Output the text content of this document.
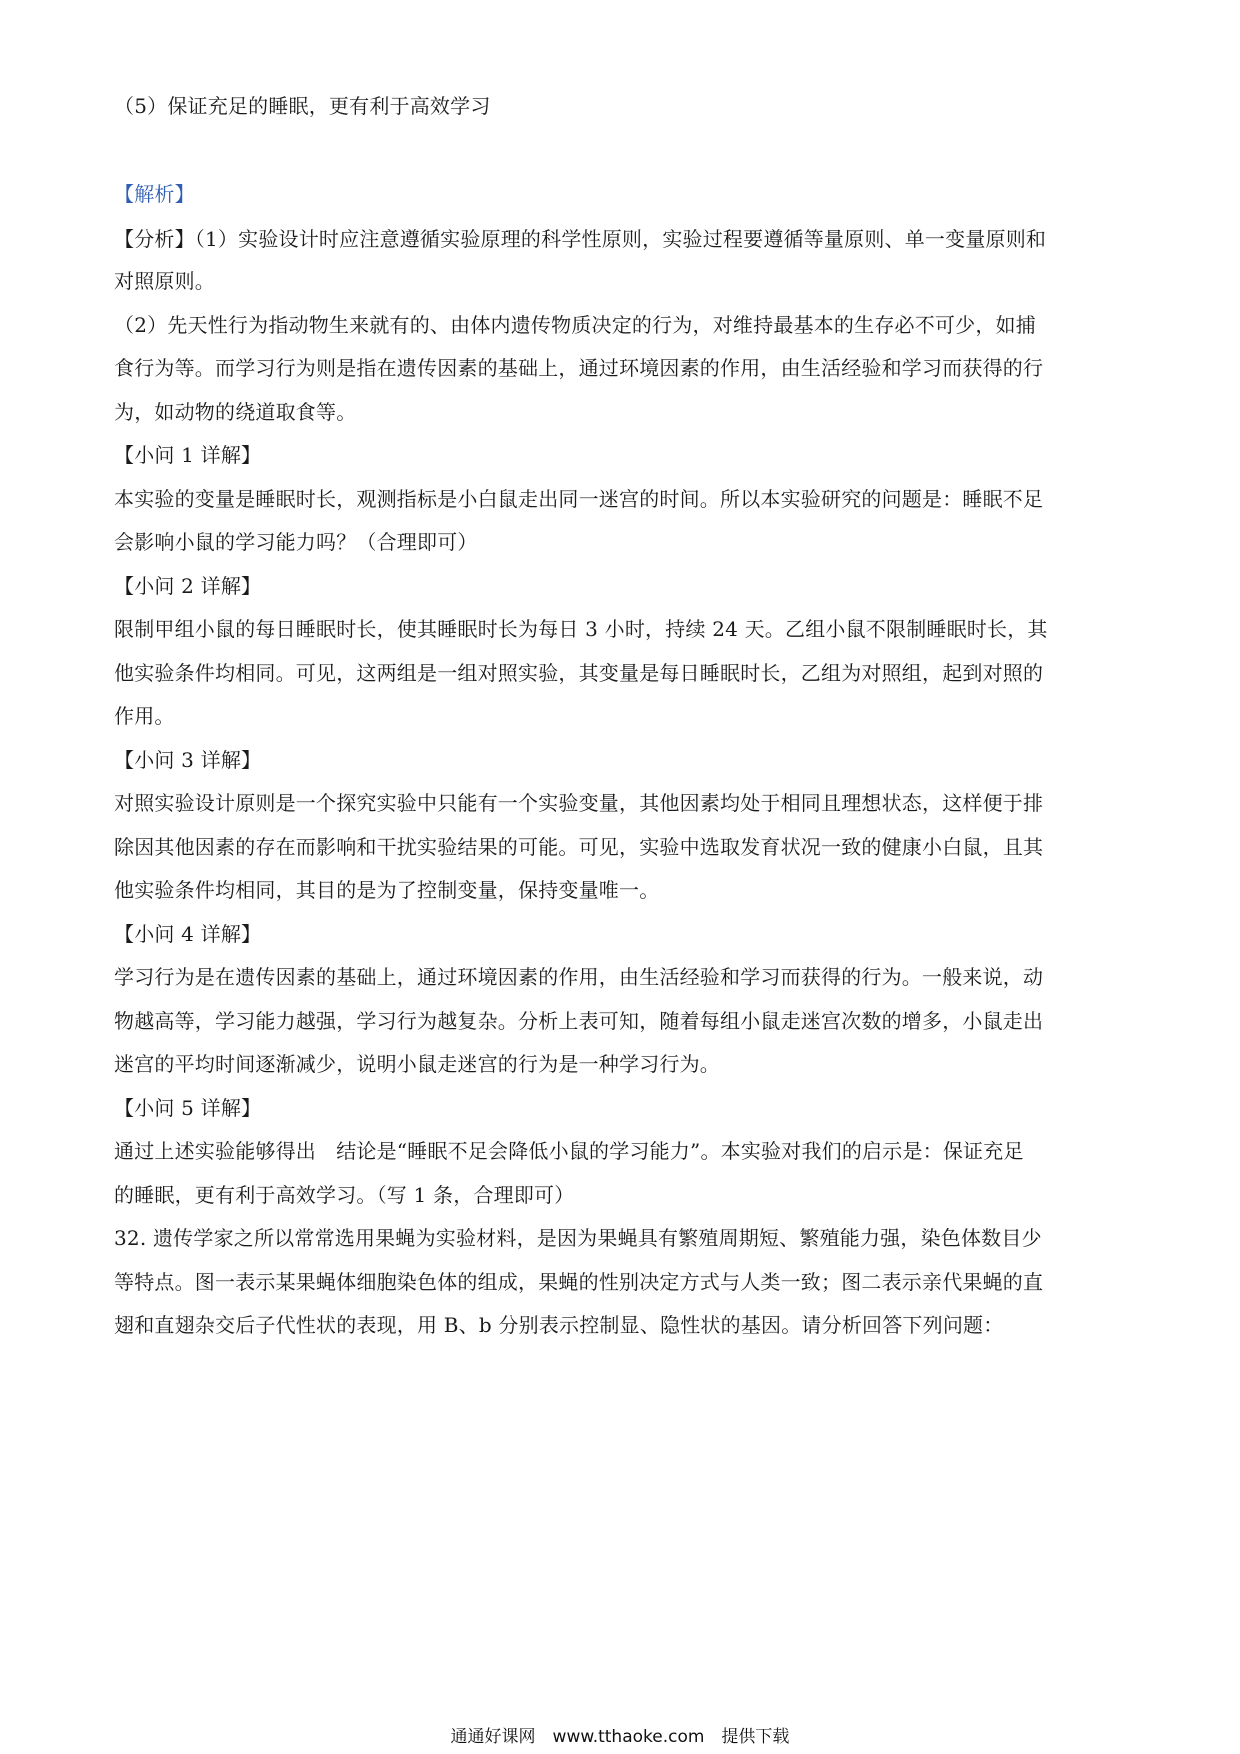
（5）保证充足的睡眠，更有利于高效学习
【解析】
【分析】（1）实验设计时应注意遵循实验原理的科学性原则，实验过程要遵循等量原则、单一变量原则和
对照原则。
（2）先天性行为指动物生来就有的、由体内遗传物质决定的行为，对维持最基本的生存必不可少，如捕
食行为等。而学习行为则是指在遗传因素的基础上，通过环境因素的作用，由生活经验和学习而获得的行
为，如动物的绕道取食等。
【小问 1 详解】
本实验的变量是睡眠时长，观测指标是小白鼠走出同一迷宫的时间。所以本实验研究的问题是：睡眠不足
会影响小鼠的学习能力吗？（合理即可）
【小问 2 详解】
限制甲组小鼠的每日睡眠时长，使其睡眠时长为每日 3 小时，持续 24 天。乙组小鼠不限制睡眠时长，其
他实验条件均相同。可见，这两组是一组对照实验，其变量是每日睡眠时长，乙组为对照组，起到对照的
作用。
【小问 3 详解】
对照实验设计原则是一个探究实验中只能有一个实验变量，其他因素均处于相同且理想状态，这样便于排
除因其他因素的存在而影响和干扰实验结果的可能。可见，实验中选取发育状况一致的健康小白鼠，且其
他实验条件均相同，其目的是为了控制变量，保持变量唯一。
【小问 4 详解】
学习行为是在遗传因素的基础上，通过环境因素的作用，由生活经验和学习而获得的行为。一般来说，动
物越高等，学习能力越强，学习行为越复杂。分析上表可知，随着每组小鼠走迷宫次数的增多，小鼠走出
迷宫的平均时间逐渐减少，说明小鼠走迷宫的行为是一种学习行为。
【小问 5 详解】
通过上述实验能够得出　结论是“睡眠不足会降低小鼠的学习能力”。本实验对我们的启示是：保证充足
的睡眠，更有利于高效学习。（写 1 条，合理即可）
32. 遗传学家之所以常常选用果蝇为实验材料，是因为果蝇具有繁殖周期短、繁殖能力强，染色体数目少
等特点。图一表示某果蝇体细胞染色体的组成，果蝇的性别决定方式与人类一致；图二表示亲代果蝇的直
翅和直翅杂交后子代性状的表现，用 B、b 分别表示控制显、隐性状的基因。请分析回答下列问题：
通通好课网　www.tthaoke.com　提供下载
